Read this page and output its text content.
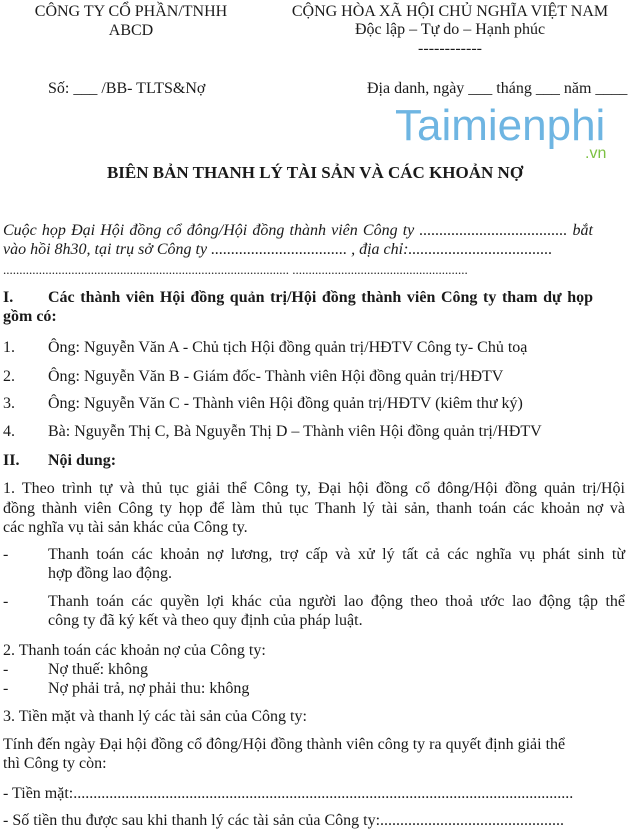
CÔNG TY CỔ PHẦN/TNHH
ABCD
CỘNG HÒA XÃ HỘI CHỦ NGHĨA VIỆT NAM
Độc lập – Tự do – Hạnh phúc
------------
Số: ___ /BB- TLTS&Nợ	Địa danh, ngày ___ tháng ___ năm ____
BIÊN BẢN THANH LÝ TÀI SẢN VÀ CÁC KHOẢN NỢ
Cuộc họp Đại Hội đồng cổ đông/Hội đồng thành viên Công ty ..................................... bắt
vào hồi 8h30, tại trụ sở Công ty .................................. , địa chỉ:....................................
........................................................................................ ......................................................
I. Các thành viên Hội đồng quản trị/Hội đồng thành viên Công ty tham dự họp
gồm có:
1. Ông: Nguyễn Văn A - Chủ tịch Hội đồng quản trị/HĐTV Công ty- Chủ toạ
2. Ông: Nguyễn Văn B - Giám đốc- Thành viên Hội đồng quản trị/HĐTV
3. Ông: Nguyễn Văn C - Thành viên Hội đồng quản trị/HĐTV (kiêm thư ký)
4. Bà: Nguyễn Thị C, Bà Nguyễn Thị D – Thành viên Hội đồng quản trị/HĐTV
II. Nội dung:
1. Theo trình tự và thủ tục giải thể Công ty, Đại hội đồng cổ đông/Hội đồng quản trị/Hội
đồng thành viên Công ty họp để làm thủ tục Thanh lý tài sản, thanh toán các khoản nợ và
các nghĩa vụ tài sản khác của Công ty.
- Thanh toán các khoản nợ lương, trợ cấp và xử lý tất cả các nghĩa vụ phát sinh từ
hợp đồng lao động.
- Thanh toán các quyền lợi khác của người lao động theo thoả ước lao động tập thể
công ty đã ký kết và theo quy định của pháp luật.
2. Thanh toán các khoản nợ của Công ty:
- Nợ thuế: không
- Nợ phải trả, nợ phải thu: không
3. Tiền mặt và thanh lý các tài sản của Công ty:
Tính đến ngày Đại hội đồng cổ đông/Hội đồng thành viên công ty ra quyết định giải thể
thì Công ty còn:
- Tiền mặt:.............................................................................................................................
- Số tiền thu được sau khi thanh lý các tài sản của Công ty:..............................................
Taimienphi
.vn
